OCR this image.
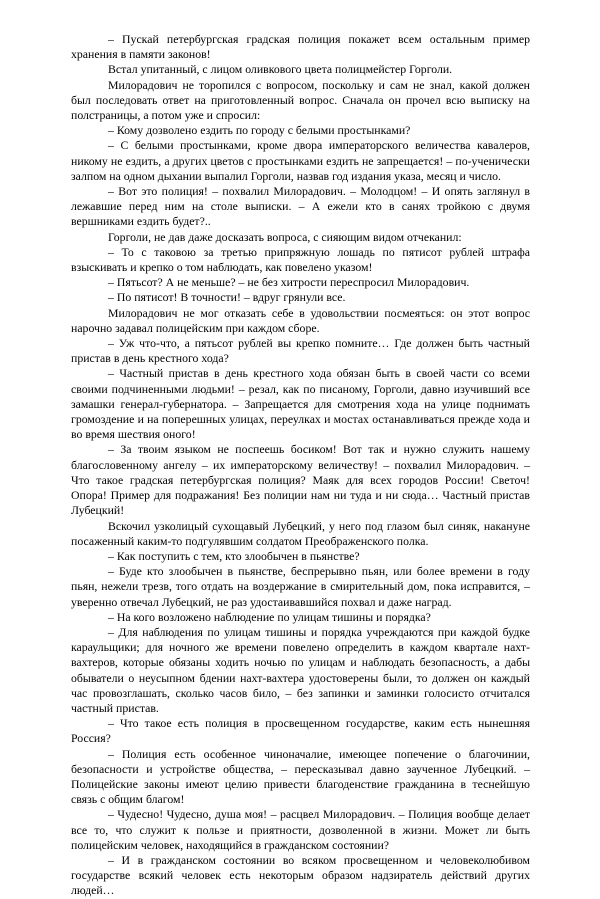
– Пускай петербургская градская полиция покажет всем остальным пример хранения в памяти законов!

Встал упитанный, с лицом оливкового цвета полицмейстер Горголи.

Милорадович не торопился с вопросом, поскольку и сам не знал, какой должен был последовать ответ на приготовленный вопрос. Сначала он прочел всю выписку на полстраницы, а потом уже и спросил:

– Кому дозволено ездить по городу с белыми простынками?

– С белыми простынками, кроме двора императорского величества кавалеров, никому не ездить, а других цветов с простынками ездить не запрещается! – по-ученически залпом на одном дыхании выпалил Горголи, назвав год издания указа, месяц и число.

– Вот это полиция! – похвалил Милорадович. – Молодцом! – И опять заглянул в лежавшие перед ним на столе выписки. – А ежели кто в санях тройкою с двумя вершниками ездить будет?..

Горголи, не дав даже досказать вопроса, с сияющим видом отчеканил:

– То с таковою за третью припряжную лошадь по пятисот рублей штрафа взыскивать и крепко о том наблюдать, как повелено указом!

– Пятьсот? А не меньше? – не без хитрости переспросил Милорадович.

– По пятисот! В точности! – вдруг грянули все.

Милорадович не мог отказать себе в удовольствии посмеяться: он этот вопрос нарочно задавал полицейским при каждом сборе.

– Уж что-что, а пятьсот рублей вы крепко помните… Где должен быть частный пристав в день крестного хода?

– Частный пристав в день крестного хода обязан быть в своей части со всеми своими подчиненными людьми! – резал, как по писаному, Горголи, давно изучивший все замашки генерал-губернатора. – Запрещается для смотрения хода на улице поднимать громоздение и на поперешных улицах, переулках и мостах останавливаться прежде хода и во время шествия оного!

– За твоим языком не поспеешь босиком! Вот так и нужно служить нашему благословенному ангелу – их императорскому величеству! – похвалил Милорадович. – Что такое градская петербургская полиция? Маяк для всех городов России! Светоч! Опора! Пример для подражания! Без полиции нам ни туда и ни сюда… Частный пристав Лубецкий!

Вскочил узколицый сухощавый Лубецкий, у него под глазом был синяк, накануне посаженный каким-то подгулявшим солдатом Преображенского полка.

– Как поступить с тем, кто злообычен в пьянстве?

– Буде кто злообычен в пьянстве, беспрерывно пьян, или более времени в году пьян, нежели трезв, того отдать на воздержание в смирительный дом, пока исправится, – уверенно отвечал Лубецкий, не раз удостаивавшийся похвал и даже наград.

– На кого возложено наблюдение по улицам тишины и порядка?

– Для наблюдения по улицам тишины и порядка учреждаются при каждой будке караульщики; для ночного же времени повелено определить в каждом квартале нахт-вахтеров, которые обязаны ходить ночью по улицам и наблюдать безопасность, а дабы обыватели о неусыпном бдении нахт-вахтера удостоверены были, то должен он каждый час провозглашать, сколько часов било, – без запинки и заминки голосисто отчитался частный пристав.

– Что такое есть полиция в просвещенном государстве, каким есть нынешняя Россия?

– Полиция есть особенное чиноначалие, имеющее попечение о благочинии, безопасности и устройстве общества, – пересказывал давно заученное Лубецкий. – Полицейские законы имеют целию привести благоденствие гражданина в теснейшую связь с общим благом!

– Чудесно! Чудесно, душа моя! – расцвел Милорадович. – Полиция вообще делает все то, что служит к пользе и приятности, дозволенной в жизни. Может ли быть полицейским человек, находящийся в гражданском состоянии?

– И в гражданском состоянии во всяком просвещенном и человеколюбивом государстве всякий человек есть некоторым образом надзиратель действий других людей…
